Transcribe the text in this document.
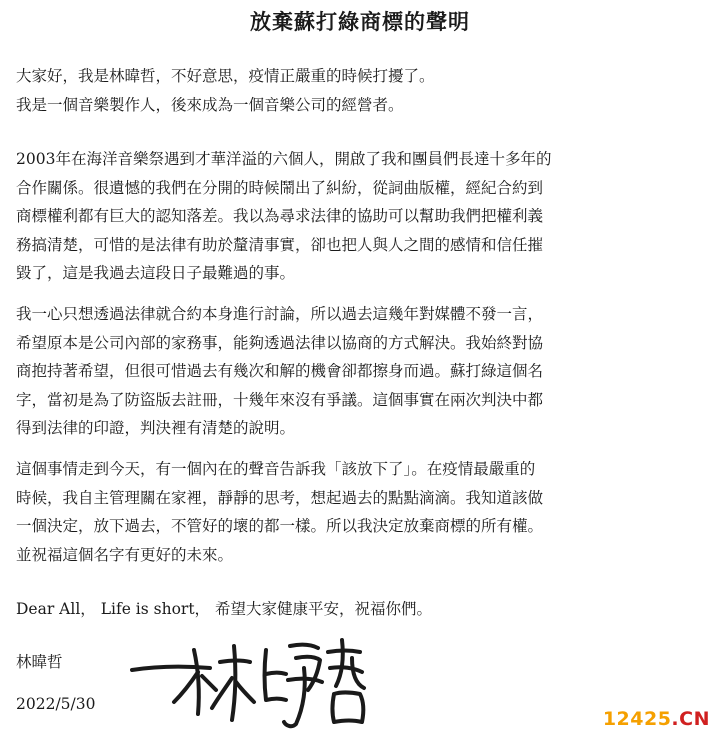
放棄蘇打綠商標的聲明
大家好，我是林暐哲，不好意思，疫情正嚴重的時候打擾了。
我是一個音樂製作人，後來成為一個音樂公司的經營者。
2003年在海洋音樂祭遇到才華洋溢的六個人，開啟了我和團員們長達十多年的
合作關係。很遺憾的我們在分開的時候鬧出了糾紛，從詞曲版權，經紀合約到
商標權利都有巨大的認知落差。我以為尋求法律的協助可以幫助我們把權利義
務搞清楚，可惜的是法律有助於釐清事實，卻也把人與人之間的感情和信任摧
毀了，這是我過去這段日子最難過的事。
我一心只想透過法律就合約本身進行討論，所以過去這幾年對媒體不發一言，
希望原本是公司內部的家務事，能夠透過法律以協商的方式解決。我始終對協
商抱持著希望，但很可惜過去有幾次和解的機會卻都擦身而過。蘇打綠這個名
字，當初是為了防盜版去註冊，十幾年來沒有爭議。這個事實在兩次判決中都
得到法律的印證，判決裡有清楚的說明。
這個事情走到今天，有一個內在的聲音告訴我「該放下了」。在疫情最嚴重的
時候，我自主管理關在家裡，靜靜的思考，想起過去的點點滴滴。我知道該做
一個決定，放下過去，不管好的壞的都一樣。所以我決定放棄商標的所有權。
並祝福這個名字有更好的未來。
Dear All， Life is short， 希望大家健康平安，祝福你們。
林暐哲
2022/5/30
12425.CN
